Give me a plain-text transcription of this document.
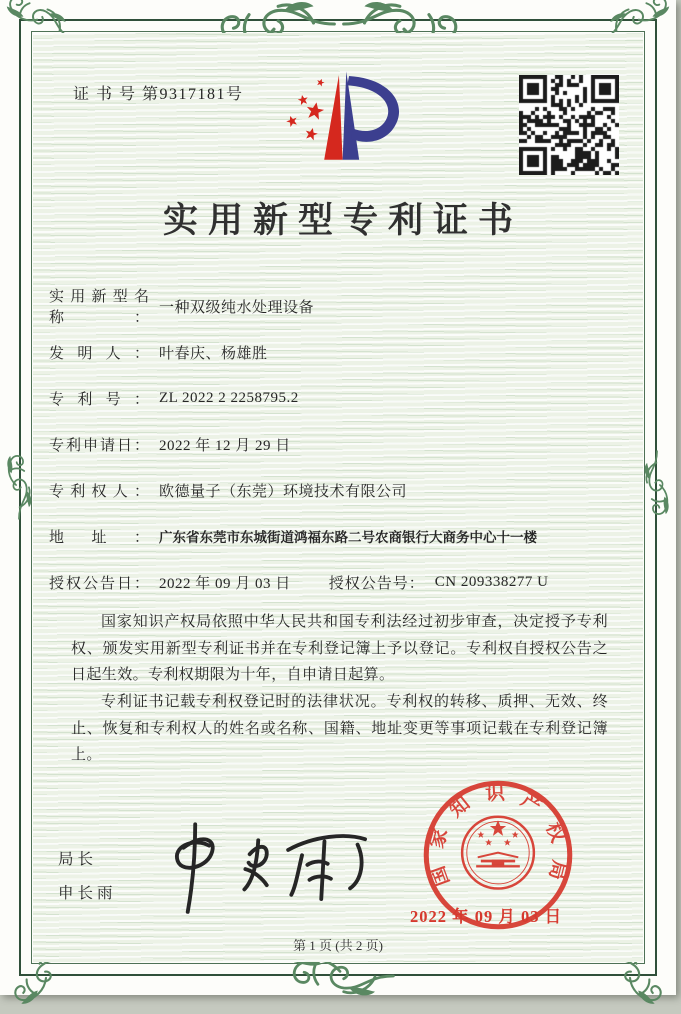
证 书 号 第9317181号
实用新型专利证书
实用新型名称：
一种双级纯水处理设备
发明人： 叶春庆、杨雄胜
专利号： ZL 2022 2 2258795.2
专利申请日： 2022 年 12 月 29 日
专利权人： 欧德量子（东莞）环境技术有限公司
地址： 广东省东莞市东城街道鸿福东路二号农商银行大商务中心十一楼
授权公告日： 2022 年 09 月 03 日	授权公告号： CN 209338277 U

国家知识产权局依照中华人民共和国专利法经过初步审查，决定授予专利权、颁发实用新型专利证书并在专利登记簿上予以登记。专利权自授权公告之日起生效。专利权期限为十年，自申请日起算。

专利证书记载专利权登记时的法律状况。专利权的转移、质押、无效、终止、恢复和专利权人的姓名或名称、国籍、地址变更等事项记载在专利登记簿上。

局长
申长雨
国家知识产权局
2022 年 09 月 03 日
第 1 页 (共 2 页)
